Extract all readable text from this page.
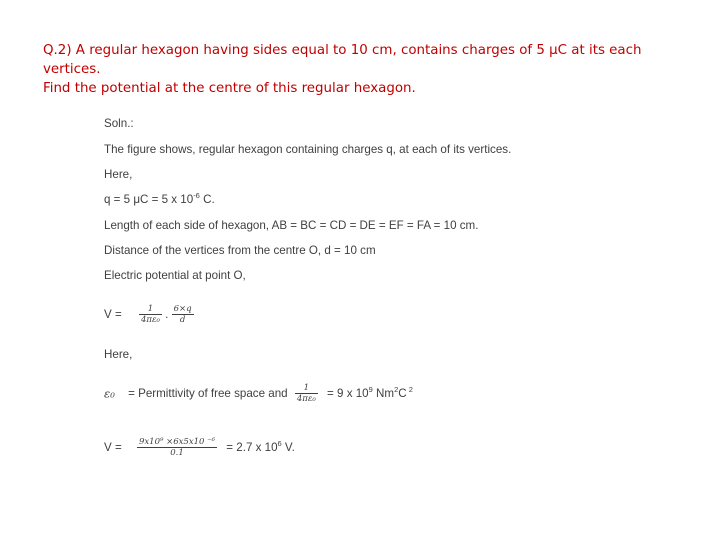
Q.2) A regular hexagon having sides equal to 10 cm, contains charges of 5 μC at its each vertices.

Find the potential at the centre of this regular hexagon.

Soln.:
The figure shows, regular hexagon containing charges q, at each of its vertices.
Here,
q = 5 μC = 5 x $10^{-6}$ C.
Length of each side of hexagon, AB = BC = CD = DE = EF = FA = 10 cm.
Distance of the vertices from the centre O, d = 10 cm
Electric potential at point O,
$V = \frac{1}{\text{4πε₀}}$ . $\frac{6\times q}{d}$
Here,
ε₀ = Permittivity of free space and $\frac{1}{\text{4πε₀}} = 9$ x $10^9$ Nm$^2$C $^2$
$V = \frac{\text{9x10⁹ ×6x5x10 ⁻⁶}}{0.1} = 2.7$ x $10^6$ V.
